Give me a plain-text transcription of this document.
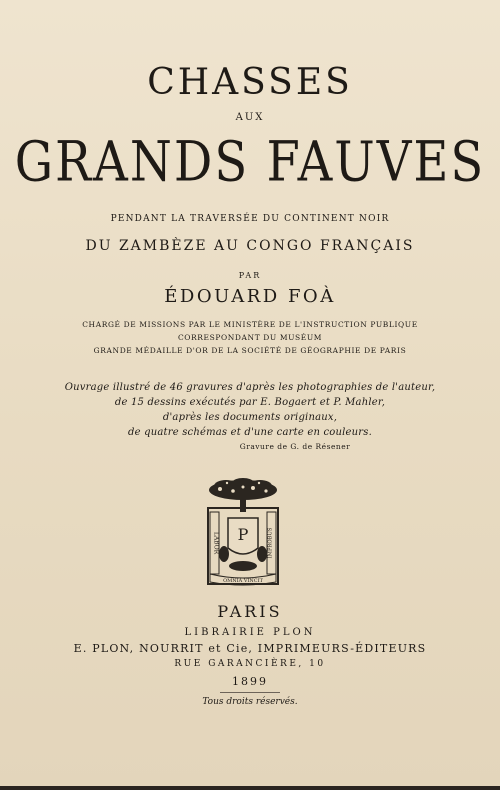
CHASSES
AUX
GRANDS FAUVES
PENDANT LA TRAVERSÉE DU CONTINENT NOIR
DU ZAMBÈZE AU CONGO FRANÇAIS
PAR
ÉDOUARD FOÀ
CHARGÉ DE MISSIONS PAR LE MINISTÈRE DE L'INSTRUCTION PUBLIQUE
CORRESPONDANT DU MUSÉUM
GRANDE MÉDAILLE D'OR DE LA SOCIÉTÉ DE GÉOGRAPHIE DE PARIS
Ouvrage illustré de 46 gravures d'après les photographies de l'auteur,
de 15 dessins exécutés par E. Bogaert et P. Mahler,
d'après les documents originaux,
de quatre schémas et d'une carte en couleurs.
Gravure de G. de Résener
LABOR	IMPROBUS
OMNIA VINCIT
P
PARIS
LIBRAIRIE PLON
E. PLON, NOURRIT et Cie, IMPRIMEURS-ÉDITEURS
RUE GARANCIÈRE, 10
1899
Tous droits réservés.
